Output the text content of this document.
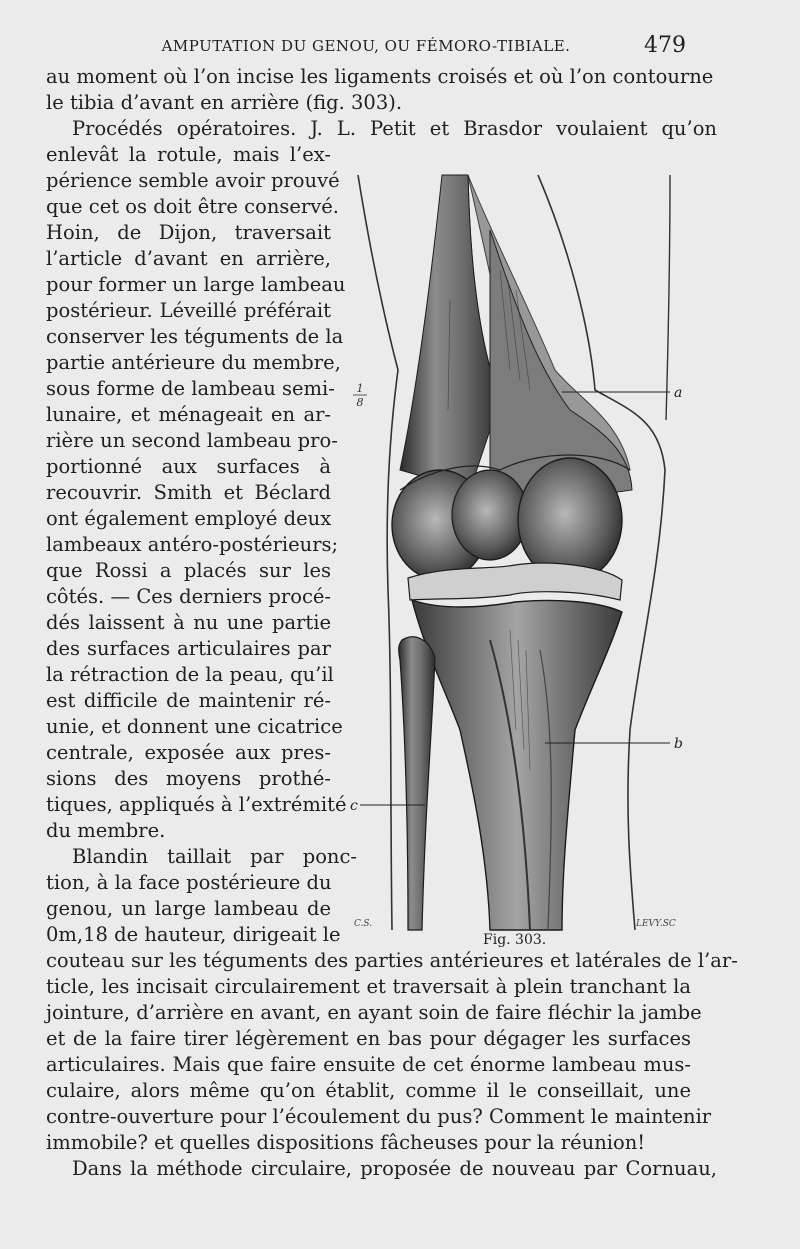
AMPUTATION DU GENOU, OU FÉMORO-TIBIALE.	479
au moment où l’on incise les ligaments croisés et où l’on contourne
le tibia d’avant en arrière (fig. 303).
Procédés opératoires. J. L. Petit et Brasdor voulaient qu’on
enlevât la rotule, mais l’ex-
périence semble avoir prouvé
que cet os doit être conservé.
Hoin, de Dijon, traversait
l’article d’avant en arrière,
pour former un large lambeau
postérieur. Léveillé préférait
conserver les téguments de la
partie antérieure du membre,
sous forme de lambeau semi-
lunaire, et ménageait en ar-
rière un second lambeau pro-
portionné aux surfaces à
recouvrir. Smith et Béclard
ont également employé deux
lambeaux antéro-postérieurs;
que Rossi a placés sur les
côtés. — Ces derniers procé-
dés laissent à nu une partie
des surfaces articulaires par
la rétraction de la peau, qu’il
est difficile de maintenir ré-
unie, et donnent une cicatrice
centrale, exposée aux pres-
sions des moyens prothé-
tiques, appliqués à l’extrémité
du membre.
Blandin taillait par ponc-
tion, à la face postérieure du
genou, un large lambeau de
0m,18 de hauteur, dirigeait le
couteau sur les téguments des parties antérieures et latérales de l’ar-
ticle, les incisait circulairement et traversait à plein tranchant la
jointure, d’arrière en avant, en ayant soin de faire fléchir la jambe
et de la faire tirer légèrement en bas pour dégager les surfaces
articulaires. Mais que faire ensuite de cet énorme lambeau mus-
culaire, alors même qu’on établit, comme il le conseillait, une
contre-ouverture pour l’écoulement du pus? Comment le maintenir
immobile? et quelles dispositions fâcheuses pour la réunion!
Dans la méthode circulaire, proposée de nouveau par Cornuau,
1
8
a
b
c
C.S.	LEVY.SC
Fig. 303.
